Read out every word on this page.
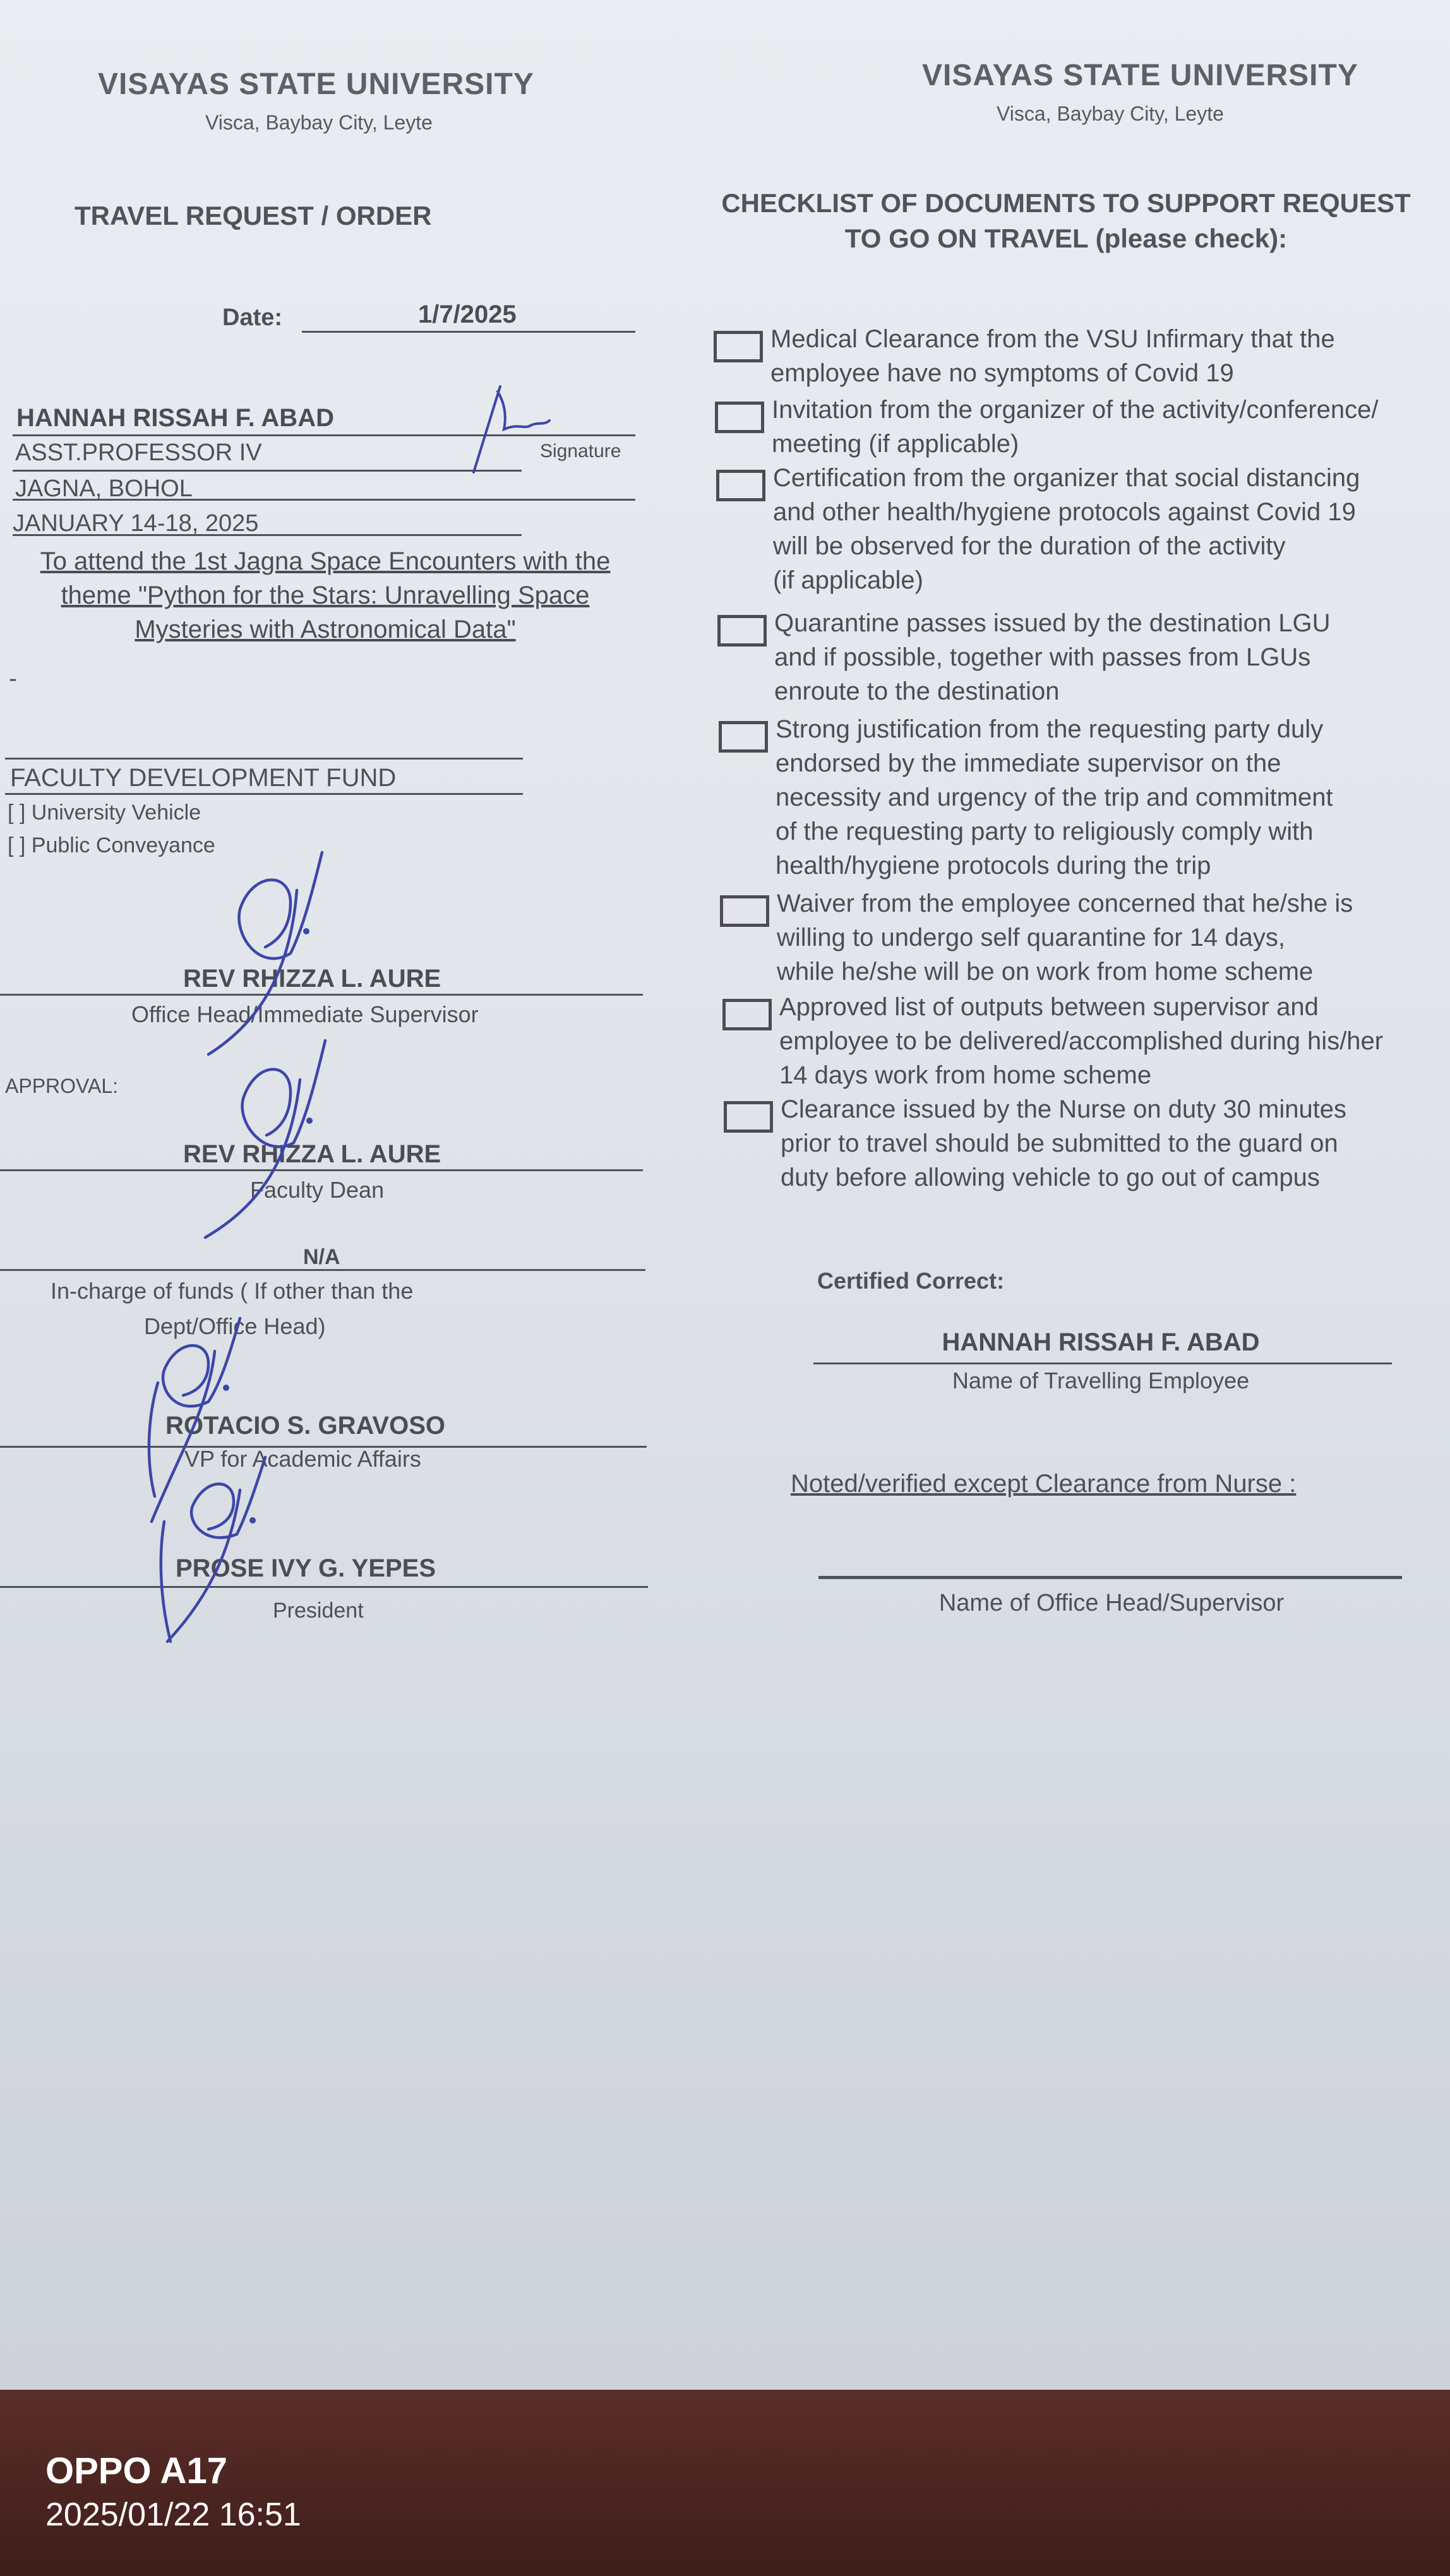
VISAYAS STATE UNIVERSITY
Visca, Baybay City, Leyte
TRAVEL REQUEST / ORDER
Date:	1/7/2025
HANNAH RISSAH F. ABAD
Signature
ASST.PROFESSOR IV
JAGNA, BOHOL
JANUARY 14-18, 2025
To attend the 1st Jagna Space Encounters with the theme "Python for the Stars: Unravelling Space Mysteries with Astronomical Data"
-
FACULTY DEVELOPMENT FUND
[ ] University Vehicle
[ ] Public Conveyance
REV RHIZZA L. AURE
Office Head/Immediate Supervisor
APPROVAL:
REV RHIZZA L. AURE
Faculty Dean
N/A
In-charge of funds ( If other than the
Dept/Office Head)
ROTACIO S. GRAVOSO
VP for Academic Affairs
PROSE IVY G. YEPES
President
VISAYAS STATE UNIVERSITY
Visca, Baybay City, Leyte
CHECKLIST OF DOCUMENTS TO SUPPORT REQUEST
TO GO ON TRAVEL (please check):
Medical Clearance from the VSU Infirmary that the
employee have no symptoms of Covid 19
Invitation from the organizer of the activity/conference/
meeting (if applicable)
Certification from the organizer that social distancing
and other health/hygiene protocols against Covid 19
will be observed for the duration of the activity
(if applicable)
Quarantine passes issued by the destination LGU
and if possible, together with passes from LGUs
enroute to the destination
Strong justification from the requesting party duly
endorsed by the immediate supervisor on the
necessity and urgency of the trip and commitment
of the requesting party to religiously comply with
health/hygiene protocols during the trip
Waiver from the employee concerned that he/she is
willing to undergo self quarantine for 14 days,
while he/she will be on work from home scheme
Approved list of outputs between supervisor and
employee to be delivered/accomplished during his/her
14 days work from home scheme
Clearance issued by the Nurse on duty 30 minutes
prior to travel should be submitted to the guard on
duty before allowing vehicle to go out of campus
Certified Correct:
HANNAH RISSAH F. ABAD
Name of Travelling Employee
Noted/verified except Clearance from Nurse :
Name of Office Head/Supervisor
OPPO A17
2025/01/22 16:51
